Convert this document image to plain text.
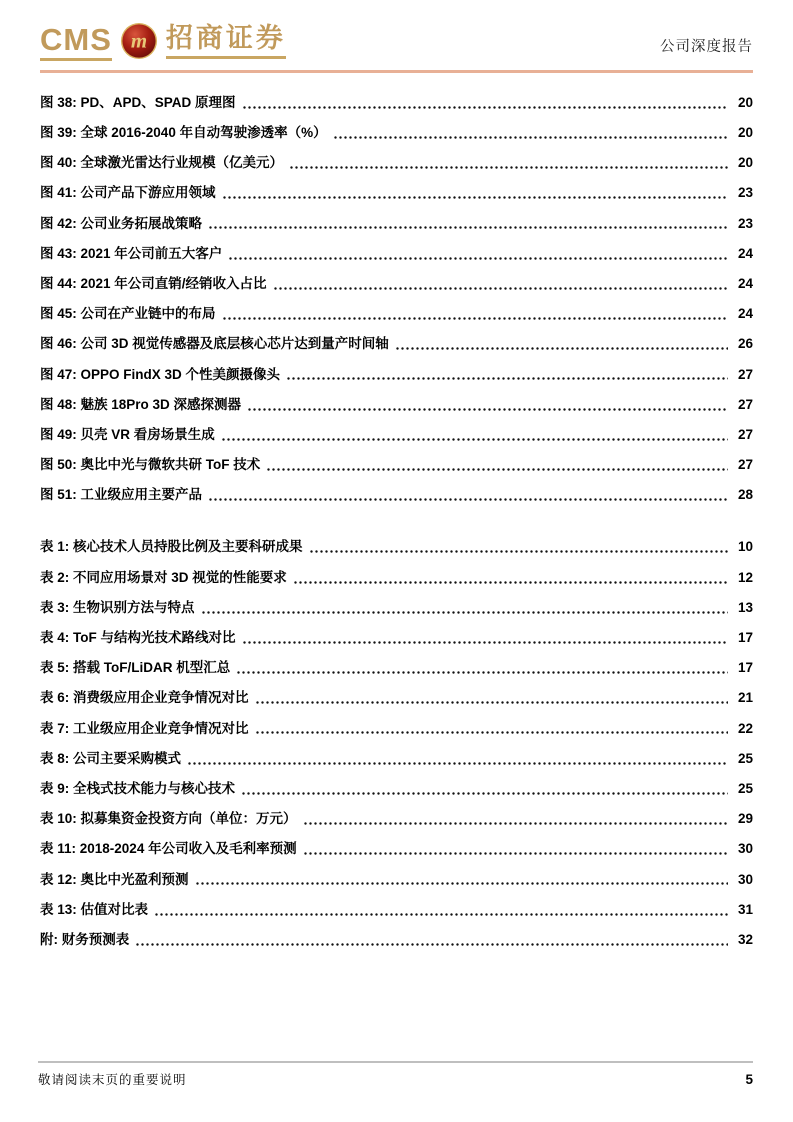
CMS m 招商证券	公司深度报告
图 38: PD、APD、SPAD 原理图	20
图 39: 全球 2016-2040 年自动驾驶渗透率（%）	20
图 40: 全球激光雷达行业规模（亿美元）	20
图 41: 公司产品下游应用领域	23
图 42: 公司业务拓展战策略	23
图 43: 2021 年公司前五大客户	24
图 44: 2021 年公司直销/经销收入占比	24
图 45: 公司在产业链中的布局	24
图 46: 公司 3D 视觉传感器及底层核心芯片达到量产时间轴	26
图 47: OPPO FindX 3D 个性美颜摄像头	27
图 48: 魅族 18Pro 3D 深感探测器	27
图 49: 贝壳 VR 看房场景生成	27
图 50: 奥比中光与微软共研 ToF 技术	27
图 51: 工业级应用主要产品	28
表 1: 核心技术人员持股比例及主要科研成果	10
表 2: 不同应用场景对 3D 视觉的性能要求	12
表 3: 生物识别方法与特点	13
表 4: ToF 与结构光技术路线对比	17
表 5: 搭载 ToF/LiDAR 机型汇总	17
表 6: 消费级应用企业竞争情况对比	21
表 7: 工业级应用企业竞争情况对比	22
表 8: 公司主要采购模式	25
表 9: 全栈式技术能力与核心技术	25
表 10: 拟募集资金投资方向（单位：万元）	29
表 11: 2018-2024 年公司收入及毛利率预测	30
表 12: 奥比中光盈利预测	30
表 13: 估值对比表	31
附: 财务预测表	32
敬请阅读末页的重要说明	5
